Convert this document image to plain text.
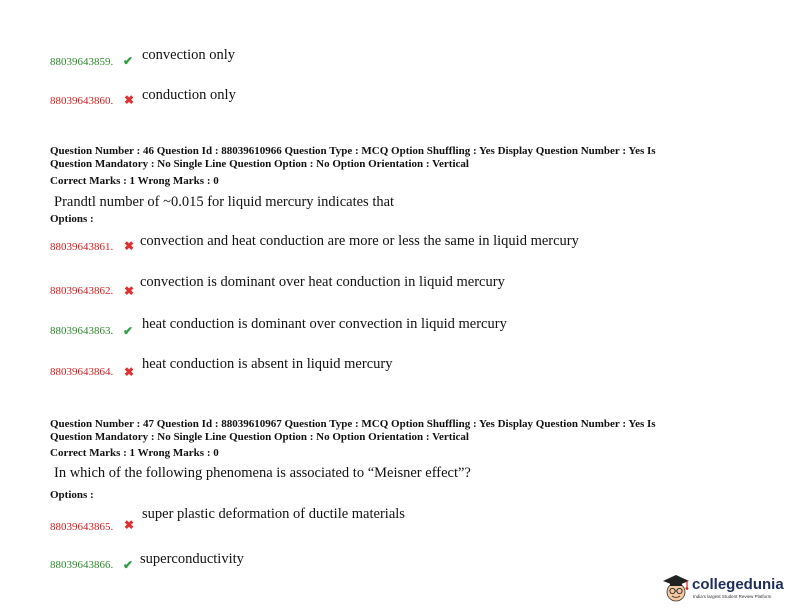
88039643859. ✔ convection only
88039643860. ✖ conduction only
Question Number : 46 Question Id : 88039610966 Question Type : MCQ Option Shuffling : Yes Display Question Number : Yes Is
Question Mandatory : No Single Line Question Option : No Option Orientation : Vertical
Correct Marks : 1 Wrong Marks : 0
Prandtl number of ~0.015 for liquid mercury indicates that
Options :
88039643861. ✖ convection and heat conduction are more or less the same in liquid mercury
88039643862. ✖
convection is dominant over heat conduction in liquid mercury
88039643863. ✔ heat conduction is dominant over convection in liquid mercury
88039643864. ✖ heat conduction is absent in liquid mercury
Question Number : 47 Question Id : 88039610967 Question Type : MCQ Option Shuffling : Yes Display Question Number : Yes Is
Question Mandatory : No Single Line Question Option : No Option Orientation : Vertical
Correct Marks : 1 Wrong Marks : 0
In which of the following phenomena is associated to “Meisner effect”?
Options :
88039643865. ✖
super plastic deformation of ductile materials
88039643866. ✔ superconductivity
collegedunia
India's largest Student Review Platform
